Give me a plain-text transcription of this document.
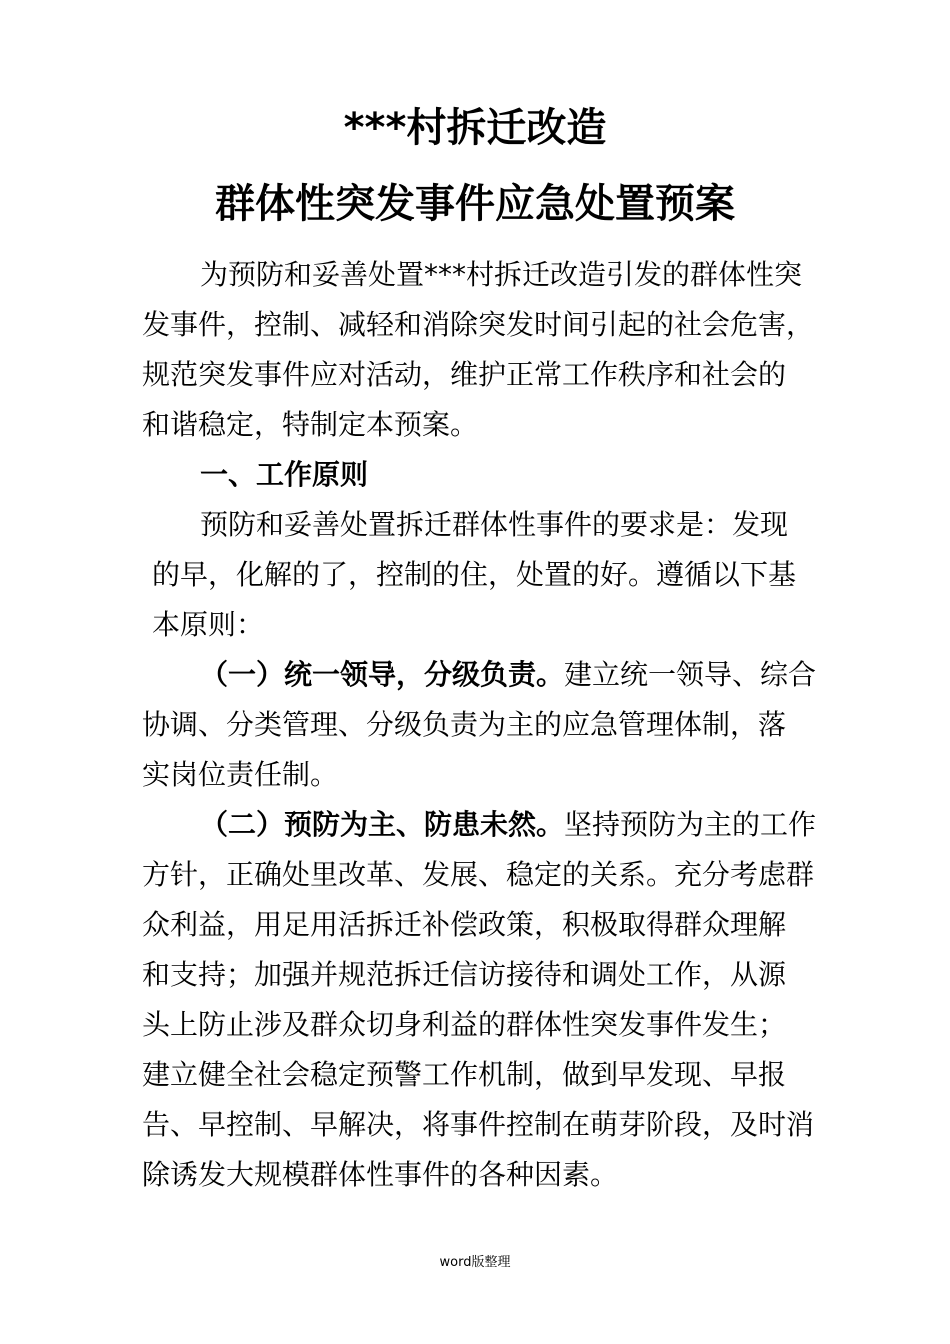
***村拆迁改造
群体性突发事件应急处置预案
为预防和妥善处置***村拆迁改造引发的群体性突
发事件，控制、减轻和消除突发时间引起的社会危害，
规范突发事件应对活动，维护正常工作秩序和社会的
和谐稳定，特制定本预案。
一、工作原则
预防和妥善处置拆迁群体性事件的要求是：发现
的早，化解的了，控制的住，处置的好。遵循以下基
本原则：
（一）统一领导，分级负责。建立统一领导、综合
协调、分类管理、分级负责为主的应急管理体制，落
实岗位责任制。
（二）预防为主、防患未然。坚持预防为主的工作
方针，正确处里改革、发展、稳定的关系。充分考虑群
众利益，用足用活拆迁补偿政策，积极取得群众理解
和支持；加强并规范拆迁信访接待和调处工作，从源
头上防止涉及群众切身利益的群体性突发事件发生；
建立健全社会稳定预警工作机制，做到早发现、早报
告、早控制、早解决，将事件控制在萌芽阶段，及时消
除诱发大规模群体性事件的各种因素。
word版整理
